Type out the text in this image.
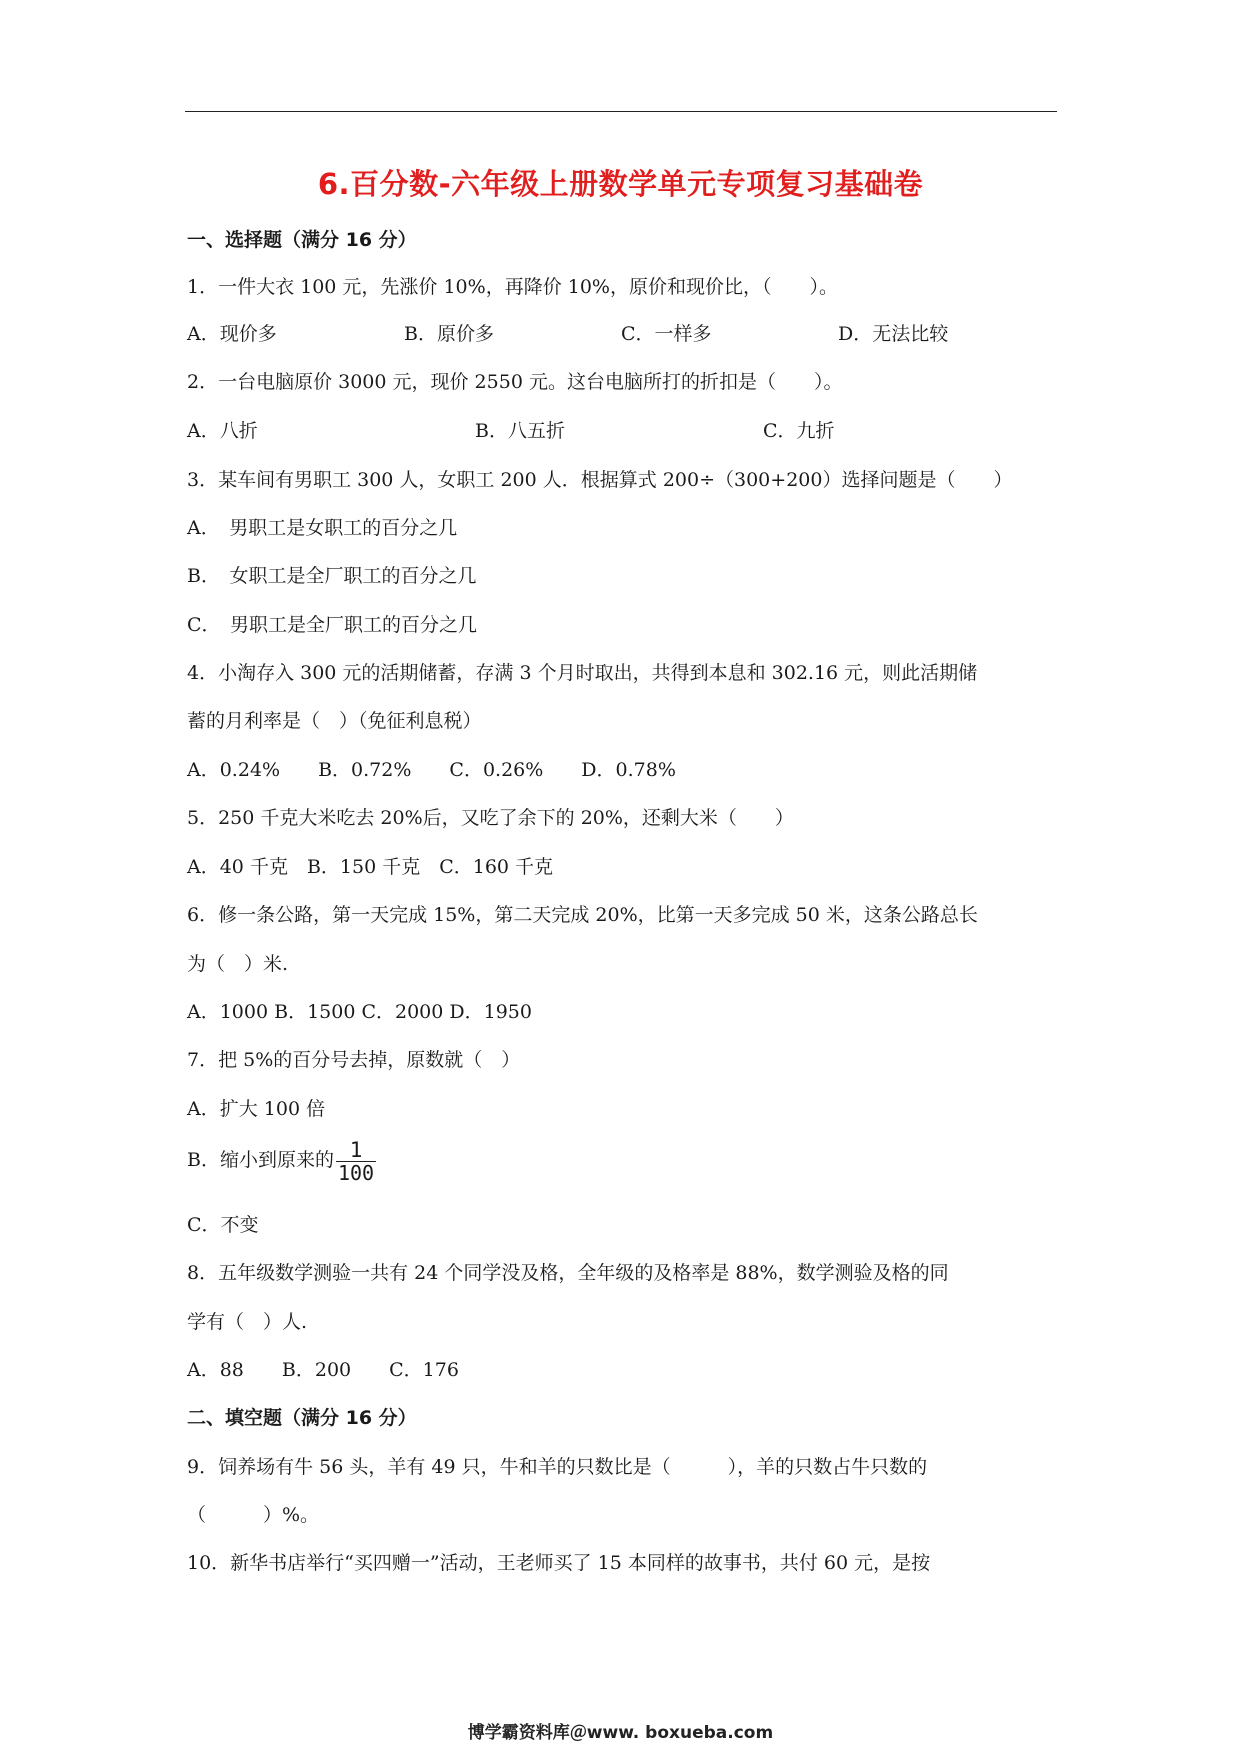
6.百分数-六年级上册数学单元专项复习基础卷
一、选择题（满分 16 分）
1．一件大衣 100 元，先涨价 10%，再降价 10%，原价和现价比，（　　）。
A．现价多	B．原价多	C．一样多	D．无法比较
2．一台电脑原价 3000 元，现价 2550 元。这台电脑所打的折扣是（　　）。
A．八折	B．八五折	C．九折
3．某车间有男职工 300 人，女职工 200 人．根据算式 200÷（300+200）选择问题是（　　）
A．　男职工是女职工的百分之几
B．　女职工是全厂职工的百分之几
C．　男职工是全厂职工的百分之几
4．小淘存入 300 元的活期储蓄，存满 3 个月时取出，共得到本息和 302.16 元，则此活期储
蓄的月利率是（　）（免征利息税）
A．0.24%　　B．0.72%　　C．0.26%　　D．0.78%
5．250 千克大米吃去 20%后，又吃了余下的 20%，还剩大米（　　）
A．40 千克　B．150 千克　C．160 千克
6．修一条公路，第一天完成 15%，第二天完成 20%，比第一天多完成 50 米，这条公路总长
为（　）米.
A．1000 B．1500 C．2000 D．1950
7．把 5%的百分号去掉，原数就（　）
A．扩大 100 倍
B．缩小到原来的 $\frac{1}{100}$
C．不变
8．五年级数学测验一共有 24 个同学没及格，全年级的及格率是 88%，数学测验及格的同
学有（　）人.
A．88　　B．200　　C．176
二、填空题（满分 16 分）
9．饲养场有牛 56 头，羊有 49 只，牛和羊的只数比是（　　　），羊的只数占牛只数的
（　　　）%。
10．新华书店举行“买四赠一”活动，王老师买了 15 本同样的故事书，共付 60 元，是按
博学霸资料库＠www. boxueba.com
